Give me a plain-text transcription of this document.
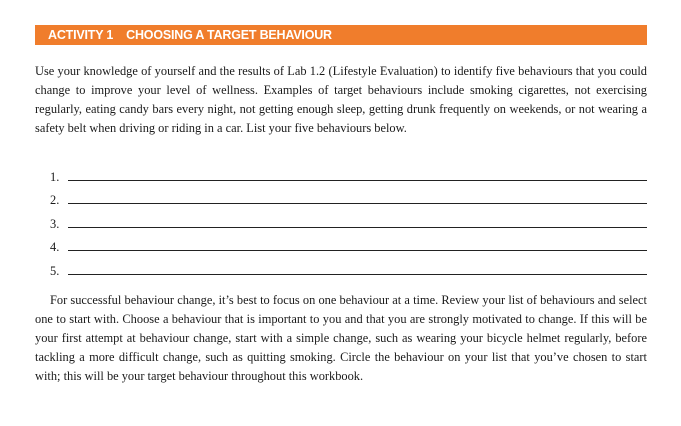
ACTIVITY 1 CHOOSING A TARGET BEHAVIOUR

Use your knowledge of yourself and the results of Lab 1.2 (Lifestyle Evaluation) to identify five behaviours that you could change to improve your level of wellness. Examples of target behaviours include smoking cigarettes, not exercising regularly, eating candy bars every night, not getting enough sleep, getting drunk frequently on weekends, or not wearing a safety belt when driving or riding in a car. List your five behaviours below.

1.
2.
3.
4.
5.

For successful behaviour change, it’s best to focus on one behaviour at a time. Review your list of behaviours and select one to start with. Choose a behaviour that is important to you and that you are strongly motivated to change. If this will be your first attempt at behaviour change, start with a simple change, such as wearing your bicycle helmet regularly, before tackling a more difficult change, such as quitting smoking. Circle the behaviour on your list that you’ve chosen to start with; this will be your target behaviour throughout this workbook.
